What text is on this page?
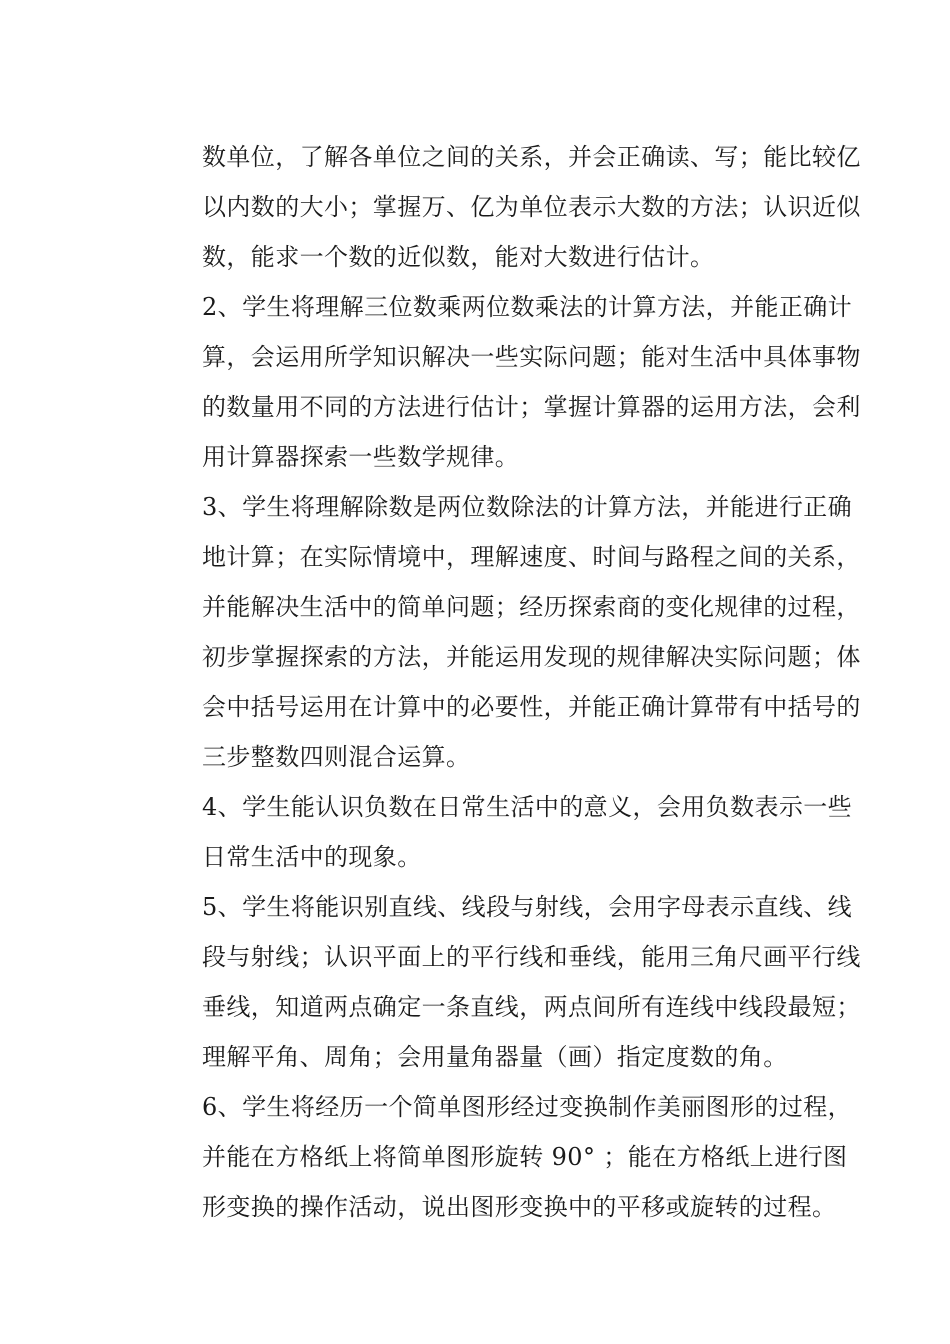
数单位，了解各单位之间的关系，并会正确读、写；能比较亿
以内数的大小；掌握万、亿为单位表示大数的方法；认识近似
数，能求一个数的近似数，能对大数进行估计。
2、学生将理解三位数乘两位数乘法的计算方法，并能正确计
算，会运用所学知识解决一些实际问题；能对生活中具体事物
的数量用不同的方法进行估计；掌握计算器的运用方法，会利
用计算器探索一些数学规律。
3、学生将理解除数是两位数除法的计算方法，并能进行正确
地计算；在实际情境中，理解速度、时间与路程之间的关系，
并能解决生活中的简单问题；经历探索商的变化规律的过程，
初步掌握探索的方法，并能运用发现的规律解决实际问题；体
会中括号运用在计算中的必要性，并能正确计算带有中括号的
三步整数四则混合运算。
4、学生能认识负数在日常生活中的意义，会用负数表示一些
日常生活中的现象。
5、学生将能识别直线、线段与射线，会用字母表示直线、线
段与射线；认识平面上的平行线和垂线，能用三角尺画平行线
垂线，知道两点确定一条直线，两点间所有连线中线段最短；
理解平角、周角；会用量角器量（画）指定度数的角。
6、学生将经历一个简单图形经过变换制作美丽图形的过程，
并能在方格纸上将简单图形旋转 90° ；能在方格纸上进行图
形变换的操作活动，说出图形变换中的平移或旋转的过程。
